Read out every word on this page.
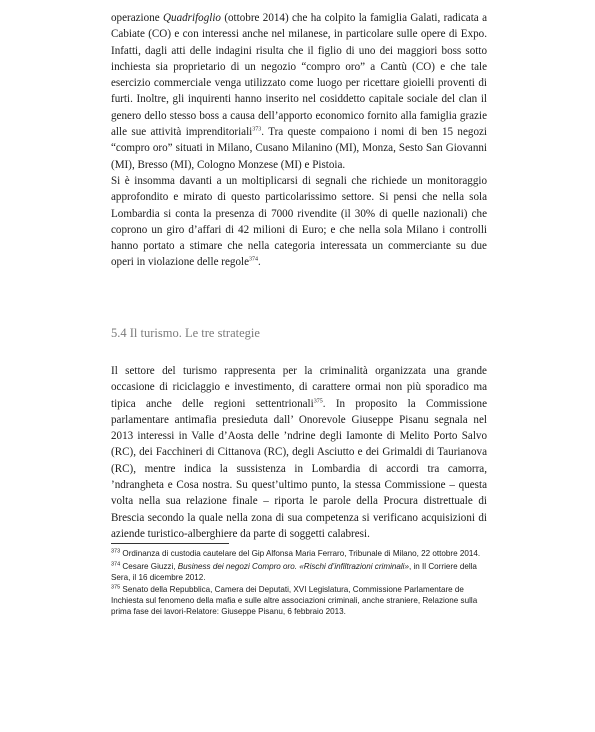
operazione Quadrifoglio (ottobre 2014) che ha colpito la famiglia Galati, radicata a
Cabiate (CO) e con interessi anche nel milanese, in particolare sulle opere di Expo.
Infatti, dagli atti delle indagini risulta che il figlio di uno dei maggiori boss sotto
inchiesta sia proprietario di un negozio “compro oro” a Cantù (CO) e che tale
esercizio commerciale venga utilizzato come luogo per ricettare gioielli proventi di
furti. Inoltre, gli inquirenti hanno inserito nel cosiddetto capitale sociale del clan il
genero dello stesso boss a causa dell’apporto economico fornito alla famiglia grazie
alle sue attività imprenditoriali$^{373}$. Tra queste compaiono i nomi di ben 15 negozi
“compro oro” situati in Milano, Cusano Milanino (MI), Monza, Sesto San Giovanni
(MI), Bresso (MI), Cologno Monzese (MI) e Pistoia.
Si è insomma davanti a un moltiplicarsi di segnali che richiede un monitoraggio
approfondito e mirato di questo particolarissimo settore. Si pensi che nella sola
Lombardia si conta la presenza di 7000 rivendite (il 30% di quelle nazionali) che
coprono un giro d’affari di 42 milioni di Euro; e che nella sola Milano i controlli
hanno portato a stimare che nella categoria interessata un commerciante su due
operi in violazione delle regole$^{374}$.
5.4 Il turismo. Le tre strategie
Il settore del turismo rappresenta per la criminalità organizzata una grande
occasione di riciclaggio e investimento, di carattere ormai non più sporadico ma
tipica anche delle regioni settentrionali$^{375}$. In proposito la Commissione
parlamentare antimafia presieduta dall’ Onorevole Giuseppe Pisanu segnala nel
2013 interessi in Valle d’Aosta delle ’ndrine degli Iamonte di Melito Porto Salvo
(RC), dei Facchineri di Cittanova (RC), degli Asciutto e dei Grimaldi di Taurianova
(RC), mentre indica la sussistenza in Lombardia di accordi tra camorra,
’ndrangheta e Cosa nostra. Su quest’ultimo punto, la stessa Commissione – questa
volta nella sua relazione finale – riporta le parole della Procura distrettuale di
Brescia secondo la quale nella zona di sua competenza si verificano acquisizioni di
aziende turistico-alberghiere da parte di soggetti calabresi.
$^{373}$ Ordinanza di custodia cautelare del Gip Alfonsa Maria Ferraro, Tribunale di Milano, 22 ottobre 2014.
$^{374}$ Cesare Giuzzi, Business dei negozi Compro oro. «Rischi d’infiltrazioni criminali», in Il Corriere della
Sera, il 16 dicembre 2012.
$^{375}$ Senato della Repubblica, Camera dei Deputati, XVI Legislatura, Commissione Parlamentare de
Inchiesta sul fenomeno della mafia e sulle altre associazioni criminali, anche straniere, Relazione sulla
prima fase dei lavori-Relatore: Giuseppe Pisanu, 6 febbraio 2013.
